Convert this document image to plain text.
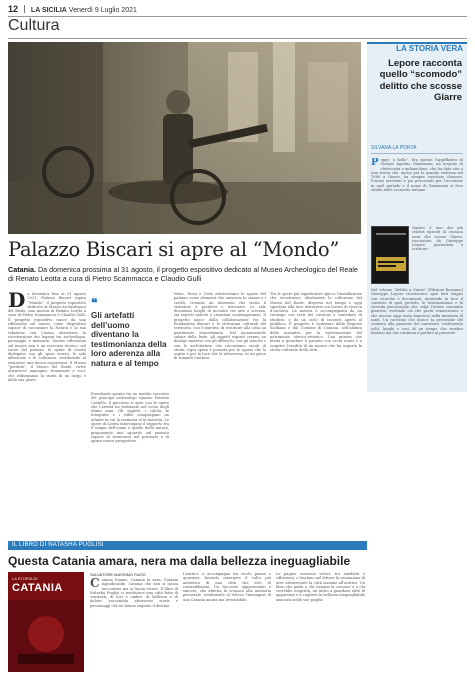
12 LA SICILIA Venerdì 9 Luglio 2021
Cultura
LA STORIA VERA
Lepore racconta quello “scomodo” delitto che scosse Giarre
SILVANA LA PORTA
Peppo ‘o bello”. Era questo l’appellativo di Giorgio Agatino Giammona, un negozio di elettricista e imbianchino, che ha dato vita a una storia che, anche per la grande violenza nel 1980 a Giarre, ha sempre suscitato clamore. Furono arrestati e poi processati per l’uccisione in quel periodo e il nome di Giammona si fece strada nelle cronache italiane.
Questo è uno dei più celebri episodi di cronaca nera che scosse Giarre, raccontato da Giuseppe Lepore, giornalista e scrittore.
Nel volume "Delitto a Giarre" (Edizioni Bonanno) Giuseppe Lepore ricostruisce quei fatti tragici con ricerche e documenti, mettendo in luce il contesto di quel periodo, le testimonianze e la vicenda processuale che colpì l’intera comunità giarrese, svelando ciò che pochi conoscevano e che ancora oggi resta impresso nella memoria di tanti. Un racconto che unisce la precisione del cronista alla passione del narratore, restituendo volti, luoghi e voci di un tempo che sembra lontano ma che continua a parlare al presente.
Palazzo Biscari si apre al “Mondo”
Catania. Da domenica prossima al 31 agosto, il progetto espositivo dedicato al Museo Archeologico del Reale di Renato Leotta a cura di Pietro Scammacca e Claudio Gulli
Da domenica fino al 31 agosto 2021, Palazzo Biscari ospita “Mondo”, il progetto espositivo dedicato al Museo Archeologico del Reale, una mostra di Renato Leotta a cura di Pietro Scammacca e Claudio Gulli. Il progetto espositivo nasce da una riflessione sul museo come dispositivo capace di raccontare la Natura e la sua relazione con l’uomo attraverso la ricostruzione dei legami tra archeologia, paesaggio e memoria. Questo riflessione sul museo non è un esercizio teorico: nel cuore del palazzo, le opere di Leotta dialogano con gli spazi storici, le sale affrescate e le collezioni, restituendo al visitatore una nuova esperienza. Il Museo “perduto”, il Museo del Reale, rivive attraverso immagini, frammenti e voci, che ridisegnano la storia di un luogo e della sua gente.
❝
Gli artefatti dell’uomo diventano la testimonianza della loro aderenza alla natura e al tempo
Prendendo spunto da un inedito racconto del principe archeologo Ignazio Paternò Castello, il percorso si apre con le opere che l’artista ha realizzato nel corso degli ultimi anni. Gli oggetti, i calchi, le fotografie e i video compongono un atlante in cui la memoria si fa materia. Le opere di Leotta interrogano il rapporto tra il tempo dell’uomo e quello della natura, proponendo uno sguardo sul passato capace di rinnovarsi nel presente e di aprire nuove prospettive.
Mare, Terra e Cielo attraversano lo spazio del palazzo come elementi che uniscono le stanze e i cortili, creando un itinerario che invita il visitatore a perdersi e ritrovarsi. Le sale diventano luoghi di incontro tra arte e scienza, tra reperti antichi e creazioni contemporanee. Il progetto nasce dalla collaborazione tra la Fondazione Biscari e le istituzioni culturali del territorio, con l’obiettivo di restituire alla città un patrimonio straordinario. Nel monumentale salone delle feste, gli oggetti esposti creano un dialogo inatteso con gli affreschi, con gli stucchi e con le architetture che raccontano secoli di storia. Ogni opera è pensata per lo spazio che la ospita e per la luce che la attraversa, in un gioco di rimandi continui.
Tra le opere più significative spicca l’installazione che ricostruisce idealmente la collezione del Museo del Reale, dispersa nel tempo e oggi riportata alla luce attraverso un lavoro di ricerca d’archivio. La mostra è accompagnata da un catalogo con testi dei curatori e contributi di studiosi, e da un ciclo di incontri aperti al pubblico. Il progetto è sostenuto dalla Regione Siciliana e dal Comune di Catania, nell’ambito delle iniziative per la valorizzazione del patrimonio storico-artistico. Una mostra che invita a guardare il passato con occhi nuovi e a scoprire l’eredità di un museo che ha segnato la storia culturale della città.
IL LIBRO DI NATASHA PUGLISI
Questa Catania amara, nera ma dalla bellezza ineguagliabile
LA STORIA DI
CATANIA
SALVATORE MASSIMO FAZIO
Catania femme, Catania la nera, Catania ingiudicabile. Catania che non si lascia raccontare ma si lascia vivere. Il libro di Natasha Puglisi ci restituisce una città fatta di contrasti, di luci e ombre, di bellezza e di dolore, raccontata attraverso storie e personaggi che ne hanno segnato il destino.
L’autrice ci accompagna tra vicoli, piazze e quartieri, facendo emergere il volto più autentico di una città che vive di contraddizioni. Un racconto appassionato e sincero, che alterna la cronaca alla memoria personale, restituendo al lettore l’immagine di una Catania amara ma irresistibile.
Le pagine scorrono veloci, tra aneddoti e riflessioni, e lasciano nel lettore la sensazione di aver attraversato la città insieme all’autrice. Un libro che parla a chi Catania la conosce e a chi vorrebbe scoprirla, un invito a guardare oltre le apparenze e a cogliere la bellezza ineguagliabile nascosta nelle sue pieghe.
